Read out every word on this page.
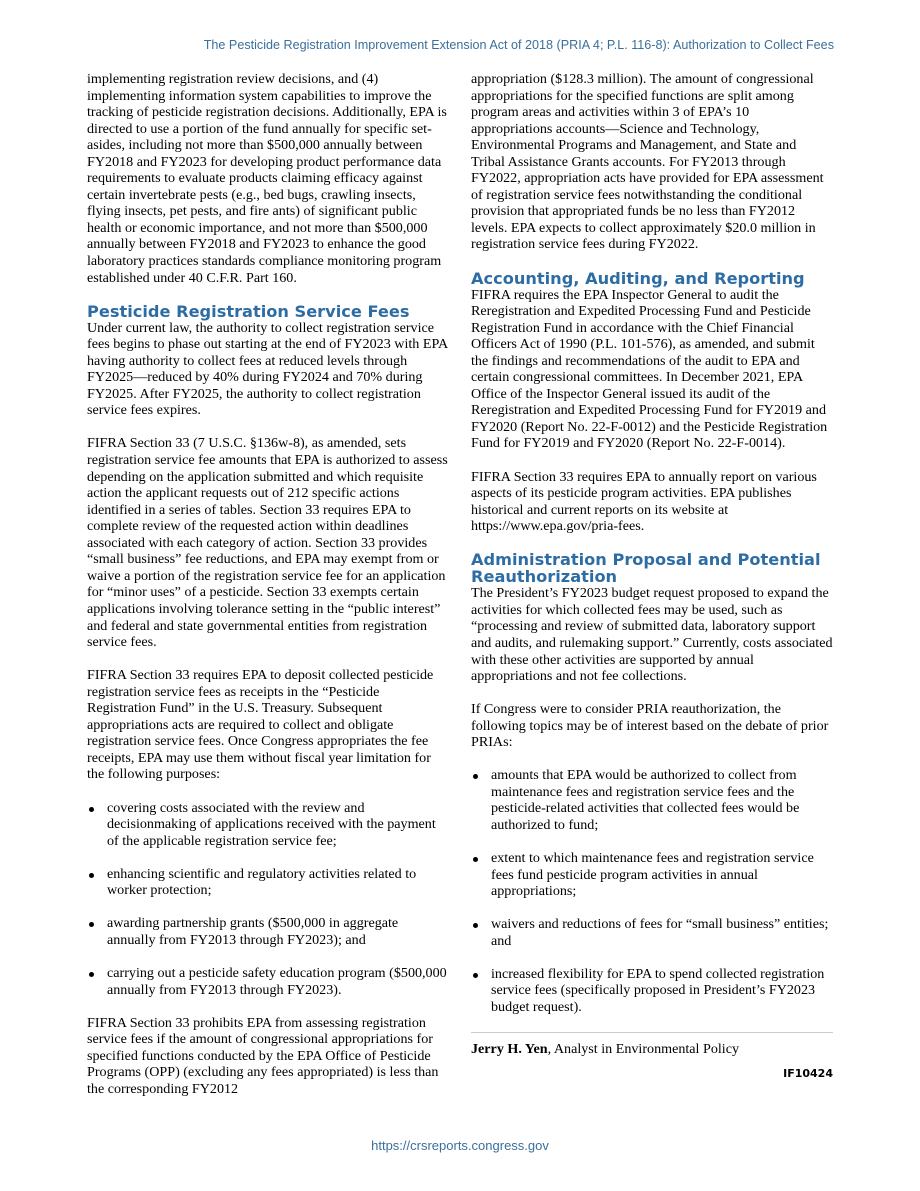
The Pesticide Registration Improvement Extension Act of 2018 (PRIA 4; P.L. 116-8): Authorization to Collect Fees

implementing registration review decisions, and (4) implementing information system capabilities to improve the tracking of pesticide registration decisions. Additionally, EPA is directed to use a portion of the fund annually for specific set-asides, including not more than $500,000 annually between FY2018 and FY2023 for developing product performance data requirements to evaluate products claiming efficacy against certain invertebrate pests (e.g., bed bugs, crawling insects, flying insects, pet pests, and fire ants) of significant public health or economic importance, and not more than $500,000 annually between FY2018 and FY2023 to enhance the good laboratory practices standards compliance monitoring program established under 40 C.F.R. Part 160.

Pesticide Registration Service Fees

Under current law, the authority to collect registration service fees begins to phase out starting at the end of FY2023 with EPA having authority to collect fees at reduced levels through FY2025—reduced by 40% during FY2024 and 70% during FY2025. After FY2025, the authority to collect registration service fees expires.

FIFRA Section 33 (7 U.S.C. §136w-8), as amended, sets registration service fee amounts that EPA is authorized to assess depending on the application submitted and which requisite action the applicant requests out of 212 specific actions identified in a series of tables. Section 33 requires EPA to complete review of the requested action within deadlines associated with each category of action. Section 33 provides “small business” fee reductions, and EPA may exempt from or waive a portion of the registration service fee for an application for “minor uses” of a pesticide. Section 33 exempts certain applications involving tolerance setting in the “public interest” and federal and state governmental entities from registration service fees.

FIFRA Section 33 requires EPA to deposit collected pesticide registration service fees as receipts in the “Pesticide Registration Fund” in the U.S. Treasury. Subsequent appropriations acts are required to collect and obligate registration service fees. Once Congress appropriates the fee receipts, EPA may use them without fiscal year limitation for the following purposes:

covering costs associated with the review and decisionmaking of applications received with the payment of the applicable registration service fee;
enhancing scientific and regulatory activities related to worker protection;
awarding partnership grants ($500,000 in aggregate annually from FY2013 through FY2023); and
carrying out a pesticide safety education program ($500,000 annually from FY2013 through FY2023).

FIFRA Section 33 prohibits EPA from assessing registration service fees if the amount of congressional appropriations for specified functions conducted by the EPA Office of Pesticide Programs (OPP) (excluding any fees appropriated) is less than the corresponding FY2012

appropriation ($128.3 million). The amount of congressional appropriations for the specified functions are split among program areas and activities within 3 of EPA’s 10 appropriations accounts—Science and Technology, Environmental Programs and Management, and State and Tribal Assistance Grants accounts. For FY2013 through FY2022, appropriation acts have provided for EPA assessment of registration service fees notwithstanding the conditional provision that appropriated funds be no less than FY2012 levels. EPA expects to collect approximately $20.0 million in registration service fees during FY2022.

Accounting, Auditing, and Reporting

FIFRA requires the EPA Inspector General to audit the Reregistration and Expedited Processing Fund and Pesticide Registration Fund in accordance with the Chief Financial Officers Act of 1990 (P.L. 101-576), as amended, and submit the findings and recommendations of the audit to EPA and certain congressional committees. In December 2021, EPA Office of the Inspector General issued its audit of the Reregistration and Expedited Processing Fund for FY2019 and FY2020 (Report No. 22-F-0012) and the Pesticide Registration Fund for FY2019 and FY2020 (Report No. 22-F-0014).

FIFRA Section 33 requires EPA to annually report on various aspects of its pesticide program activities. EPA publishes historical and current reports on its website at https://www.epa.gov/pria-fees.

Administration Proposal and Potential Reauthorization

The President’s FY2023 budget request proposed to expand the activities for which collected fees may be used, such as “processing and review of submitted data, laboratory support and audits, and rulemaking support.” Currently, costs associated with these other activities are supported by annual appropriations and not fee collections.

If Congress were to consider PRIA reauthorization, the following topics may be of interest based on the debate of prior PRIAs:

amounts that EPA would be authorized to collect from maintenance fees and registration service fees and the pesticide-related activities that collected fees would be authorized to fund;
extent to which maintenance fees and registration service fees fund pesticide program activities in annual appropriations;
waivers and reductions of fees for “small business” entities; and
increased flexibility for EPA to spend collected registration service fees (specifically proposed in President’s FY2023 budget request).
Jerry H. Yen, Analyst in Environmental Policy
IF10424
https://crsreports.congress.gov
